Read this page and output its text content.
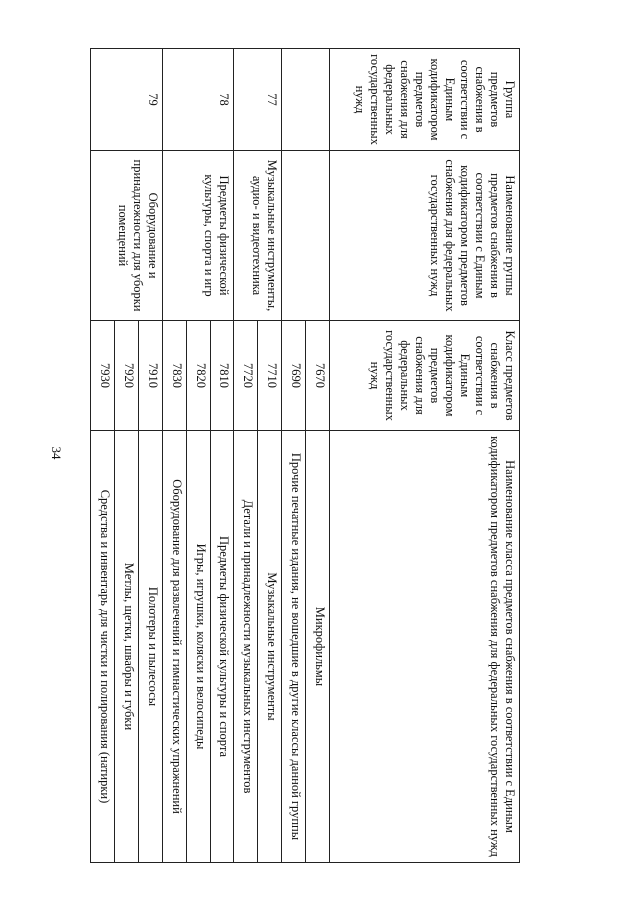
34
Группа предметов снабжения в соответствии с Единым кодификатором предметов снабжения для федеральных государственных нужд	Наименование группы предметов снабжения в соответствии с Единым кодификатором предметов снабжения для федеральных государственных нужд	Класс предметов снабжения в соответствии с Единым кодификатором предметов снабжения для федеральных государственных нужд	Наименование класса предметов снабжения в соответствии с Единым кодификатором предметов снабжения для федеральных государственных нужд
		7670	Микрофильмы
		7690	Прочие печатные издания, не вошедшие в другие классы данной группы
77	Музыкальные инструменты, аудио- и видеотехника	7710	Музыкальные инструменты
		7720	Детали и принадлежности музыкальных инструментов
78	Предметы физической культуры, спорта и игр	7810	Предметы физической культуры и спорта
		7820	Игры, игрушки, коляски и велосипеды
		7830	Оборудование для развлечений и гимнастических упражнений
79	Оборудование и принадлежности для уборки помещений	7910	Полотеры и пылесосы
		7920	Метлы, щетки, швабры и губки
		7930	Средства и инвентарь для чистки и полирования (натирки)
